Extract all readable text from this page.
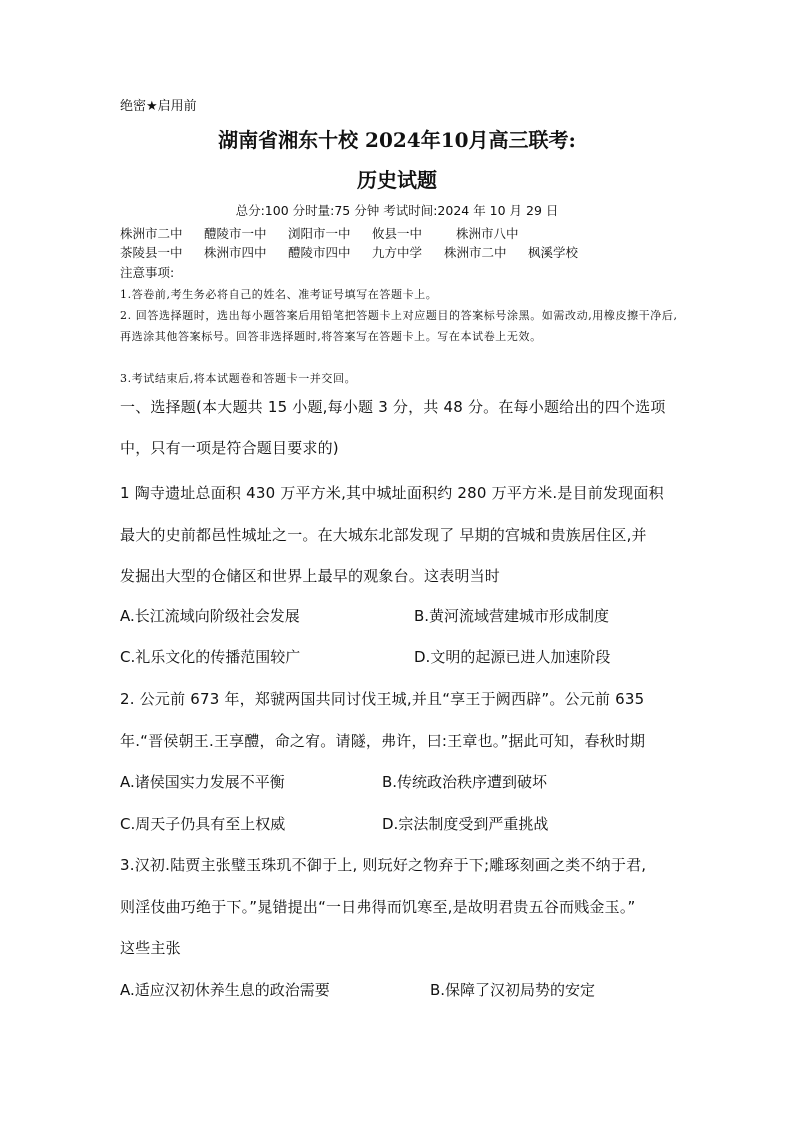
绝密★启用前
湖南省湘东十校 2024年10月高三联考:
历史试题
总分:100 分时量:75 分钟 考试时间:2024 年 10 月 29 日
株洲市二中 醴陵市一中 浏阳市一中 攸县一中	株洲市八中
茶陵县一中 株洲市四中 醴陵市四中 九方中学 株洲市二中 枫溪学校
注意事项:
1.答卷前,考生务必将自己的姓名、准考证号填写在答题卡上。
2. 回答选择题时，选出每小题答案后用铅笔把答题卡上对应题目的答案标号涂黑。如需改动,用橡皮擦干净后,再选涂其他答案标号。回答非选择题时,将答案写在答题卡上。写在本试卷上无效。
3.考试结束后,将本试题卷和答题卡一并交回。
一、选择题(本大题共 15 小题,每小题 3 分，共 48 分。在每小题给出的四个选项
中，只有一项是符合题目要求的)
1 陶寺遗址总面积 430 万平方米,其中城址面积约 280 万平方米.是目前发现面积
最大的史前都邑性城址之一。在大城东北部发现了 早期的宫城和贵族居住区,并
发掘出大型的仓储区和世界上最早的观象台。这表明当时
A.长江流域向阶级社会发展	B.黄河流域营建城市形成制度
C.礼乐文化的传播范围较广	D.文明的起源已进人加速阶段
2. 公元前 673 年，郑虢两国共同讨伐王城,并且“享王于阙西辟”。公元前 635
年.“晋侯朝王.王享醴，命之宥。请隧，弗许，曰:王章也。”据此可知，春秋时期
A.诸侯国实力发展不平衡	B.传统政治秩序遭到破坏
C.周天子仍具有至上权威	D.宗法制度受到严重挑战
3.汉初.陆贾主张璧玉珠玑不御于上, 则玩好之物弃于下;雕琢刻画之类不纳于君,
则淫伎曲巧绝于下。”晁错提出“一日弗得而饥寒至,是故明君贵五谷而贱金玉。”
这些主张
A.适应汉初休养生息的政治需要	B.保障了汉初局势的安定
